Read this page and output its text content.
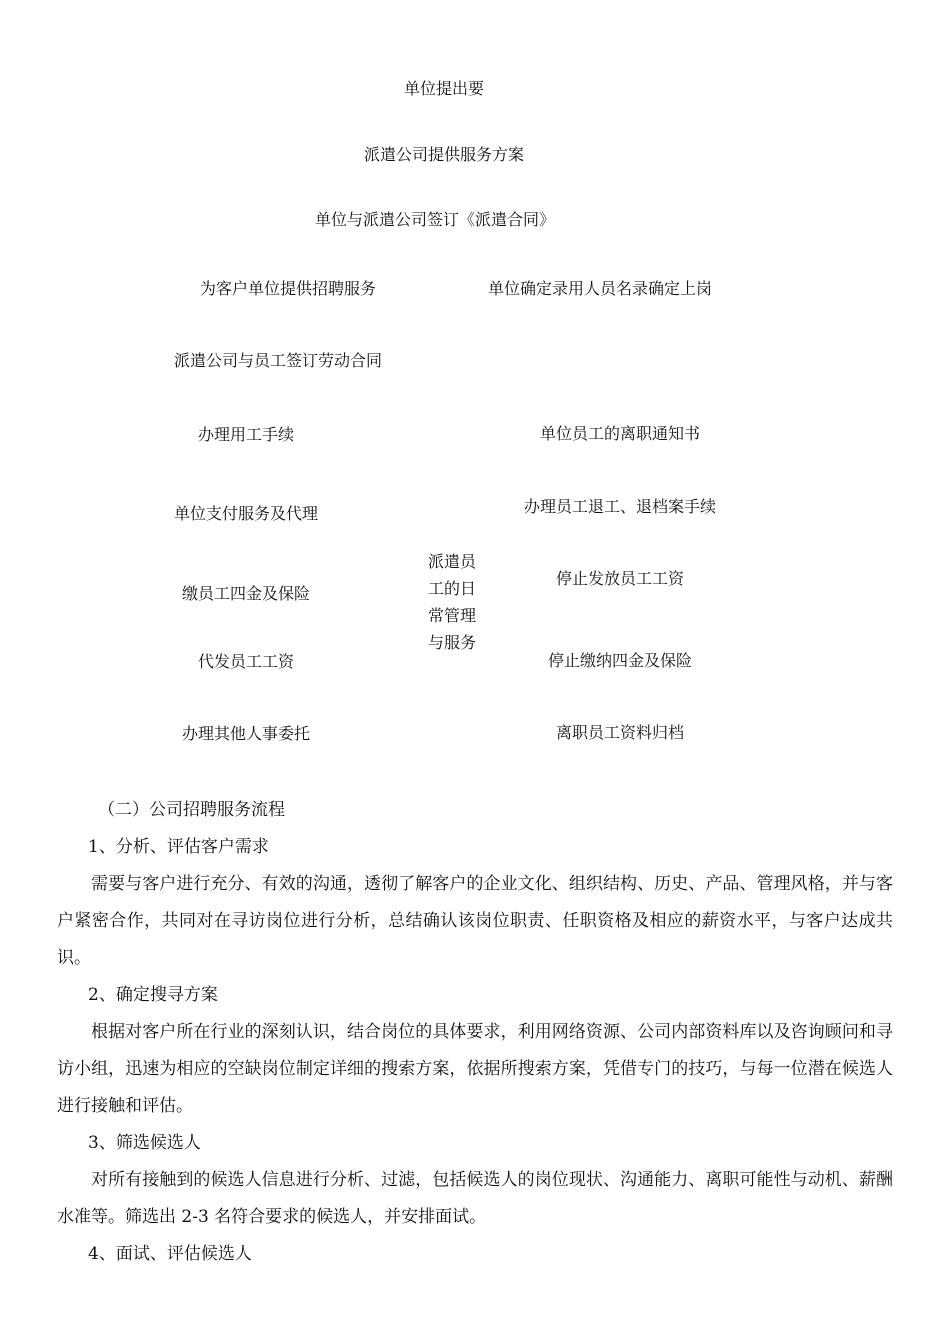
单位提出要
派遣公司提供服务方案
单位与派遣公司签订《派遣合同》
为客户单位提供招聘服务
派遣公司与员工签订劳动合同
办理用工手续
单位支付服务及代理
缴员工四金及保险
代发员工工资
办理其他人事委托
派遣员工的日常管理与服务
单位确定录用人员名录确定上岗
单位员工的离职通知书
办理员工退工、退档案手续
停止发放员工工资
停止缴纳四金及保险
离职员工资料归档
（二）公司招聘服务流程
1、分析、评估客户需求
需要与客户进行充分、有效的沟通，透彻了解客户的企业文化、组织结构、历史、产品、管理风格，并与客户紧密合作，共同对在寻访岗位进行分析，总结确认该岗位职责、任职资格及相应的薪资水平，与客户达成共识。
2、确定搜寻方案
根据对客户所在行业的深刻认识，结合岗位的具体要求，利用网络资源、公司内部资料库以及咨询顾问和寻访小组，迅速为相应的空缺岗位制定详细的搜索方案，依据所搜索方案，凭借专门的技巧，与每一位潜在候选人进行接触和评估。
3、筛选候选人
对所有接触到的候选人信息进行分析、过滤，包括候选人的岗位现状、沟通能力、离职可能性与动机、薪酬水准等。筛选出 2-3 名符合要求的候选人，并安排面试。
4、面试、评估候选人
